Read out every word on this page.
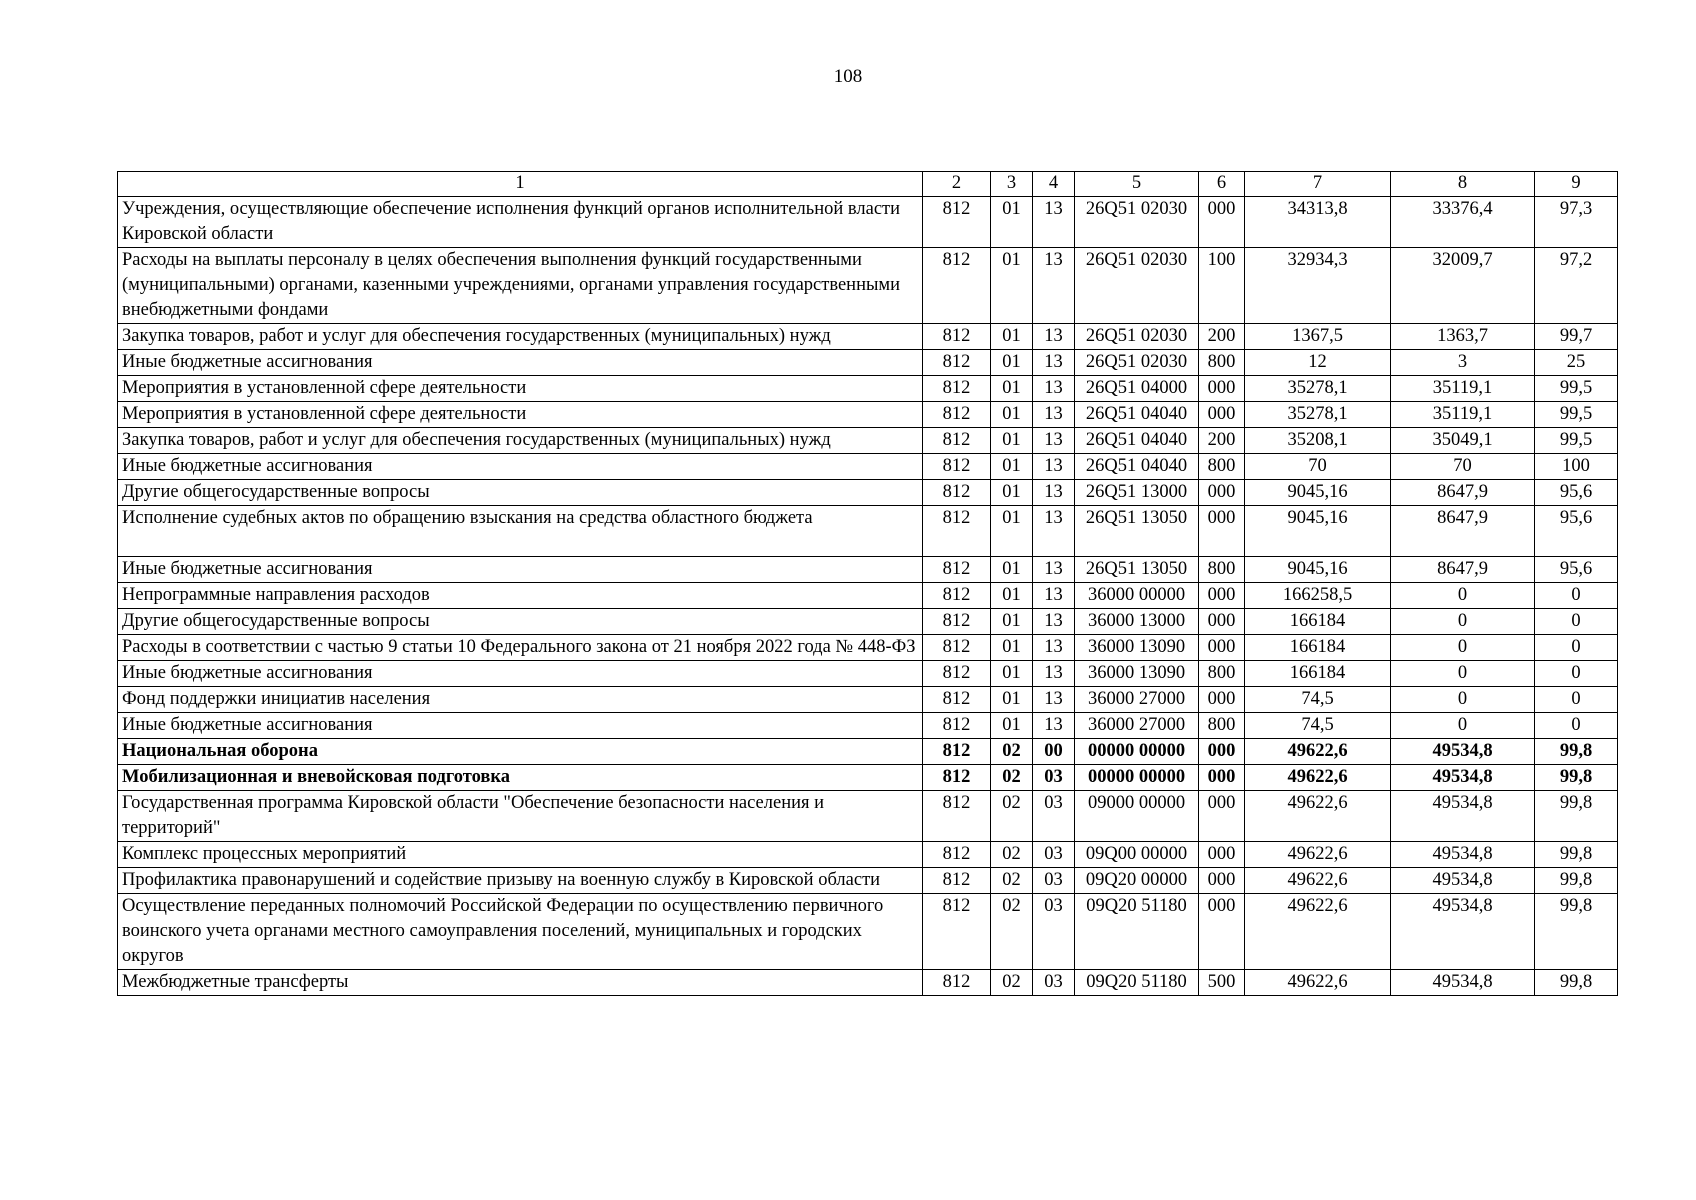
108
1	2	3	4	5	6	7	8	9
Учреждения, осуществляющие обеспечение исполнения функций органов исполнительной власти Кировской области	812	01	13	26Q51 02030	000	34313,8	33376,4	97,3
Расходы на выплаты персоналу в целях обеспечения выполнения функций государственными (муниципальными) органами, казенными учреждениями, органами управления государственными внебюджетными фондами	812	01	13	26Q51 02030	100	32934,3	32009,7	97,2
Закупка товаров, работ и услуг для обеспечения государственных (муниципальных) нужд	812	01	13	26Q51 02030	200	1367,5	1363,7	99,7
Иные бюджетные ассигнования	812	01	13	26Q51 02030	800	12	3	25
Мероприятия в установленной сфере деятельности	812	01	13	26Q51 04000	000	35278,1	35119,1	99,5
Мероприятия в установленной сфере деятельности	812	01	13	26Q51 04040	000	35278,1	35119,1	99,5
Закупка товаров, работ и услуг для обеспечения государственных (муниципальных) нужд	812	01	13	26Q51 04040	200	35208,1	35049,1	99,5
Иные бюджетные ассигнования	812	01	13	26Q51 04040	800	70	70	100
Другие общегосударственные вопросы	812	01	13	26Q51 13000	000	9045,16	8647,9	95,6
Исполнение судебных актов по обращению взыскания на средства областного бюджета	812	01	13	26Q51 13050	000	9045,16	8647,9	95,6
Иные бюджетные ассигнования	812	01	13	26Q51 13050	800	9045,16	8647,9	95,6
Непрограммные направления расходов	812	01	13	36000 00000	000	166258,5	0	0
Другие общегосударственные вопросы	812	01	13	36000 13000	000	166184	0	0
Расходы в соответствии с частью 9 статьи 10 Федерального закона от 21 ноября 2022 года № 448-ФЗ	812	01	13	36000 13090	000	166184	0	0
Иные бюджетные ассигнования	812	01	13	36000 13090	800	166184	0	0
Фонд поддержки инициатив населения	812	01	13	36000 27000	000	74,5	0	0
Иные бюджетные ассигнования	812	01	13	36000 27000	800	74,5	0	0
Национальная оборона	812	02	00	00000 00000	000	49622,6	49534,8	99,8
Мобилизационная и вневойсковая подготовка	812	02	03	00000 00000	000	49622,6	49534,8	99,8
Государственная программа Кировской области "Обеспечение безопасности населения и территорий"	812	02	03	09000 00000	000	49622,6	49534,8	99,8
Комплекс процессных мероприятий	812	02	03	09Q00 00000	000	49622,6	49534,8	99,8
Профилактика правонарушений и содействие призыву на военную службу в Кировской области	812	02	03	09Q20 00000	000	49622,6	49534,8	99,8
Осуществление переданных полномочий Российской Федерации по осуществлению первичного воинского учета органами местного самоуправления поселений, муниципальных и городских округов	812	02	03	09Q20 51180	000	49622,6	49534,8	99,8
Межбюджетные трансферты	812	02	03	09Q20 51180	500	49622,6	49534,8	99,8
